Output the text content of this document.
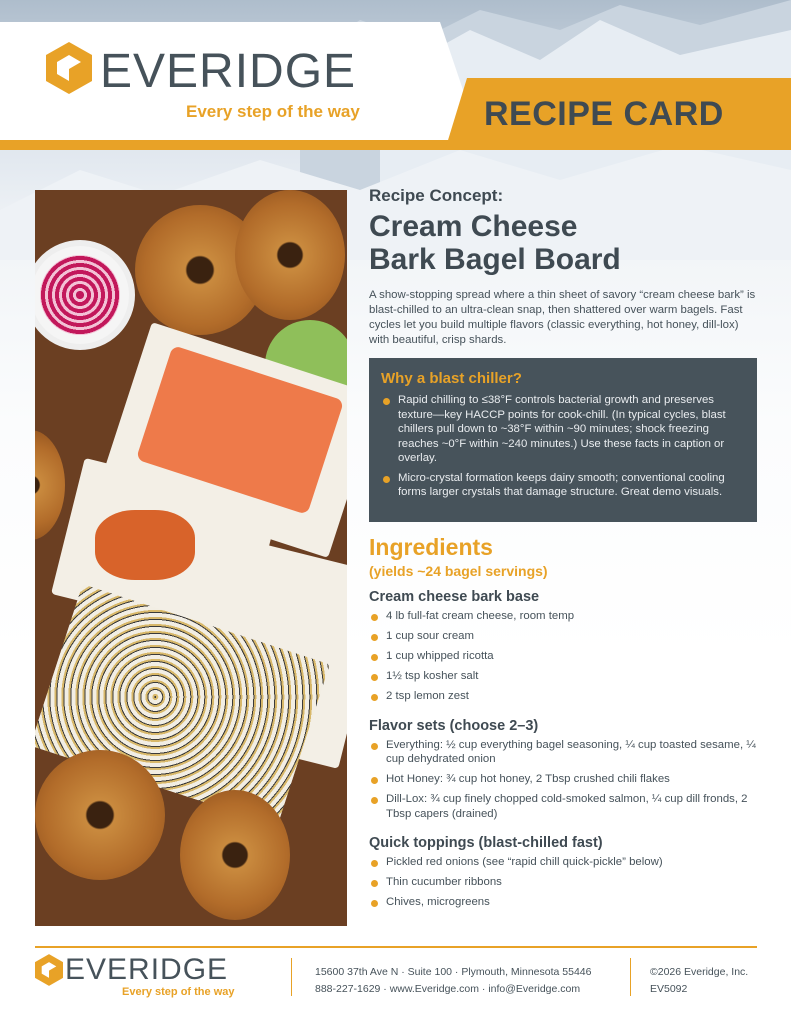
RECIPE CARD
EVERIDGE
Every step of the way
Recipe Concept:
Cream Cheese
Bark Bagel Board
A show-stopping spread where a thin sheet of savory “cream cheese bark” is blast-chilled to an ultra-clean snap, then shattered over warm bagels. Fast cycles let you build multiple flavors (classic everything, hot honey, dill-lox) with beautiful, crisp shards.
Why a blast chiller?
Rapid chilling to ≤38°F controls bacterial growth and preserves texture—key HACCP points for cook-chill. (In typical cycles, blast chillers pull down to ~38°F within ~90 minutes; shock freezing reaches ~0°F within ~240 minutes.) Use these facts in caption or overlay.
Micro-crystal formation keeps dairy smooth; conventional cooling forms larger crystals that damage structure. Great demo visuals.
Ingredients
(yields ~24 bagel servings)
Cream cheese bark base
4 lb full-fat cream cheese, room temp
1 cup sour cream
1 cup whipped ricotta
1½ tsp kosher salt
2 tsp lemon zest
Flavor sets (choose 2–3)
Everything: ½ cup everything bagel seasoning, ¼ cup toasted sesame, ¼ cup dehydrated onion
Hot Honey: ¾ cup hot honey, 2 Tbsp crushed chili flakes
Dill-Lox: ¾ cup finely chopped cold-smoked salmon, ¼ cup dill fronds, 2 Tbsp capers (drained)
Quick toppings (blast-chilled fast)
Pickled red onions (see “rapid chill quick-pickle” below)
Thin cucumber ribbons
Chives, microgreens
EVERIDGE
Every step of the way
15600 37th Ave N · Suite 100 · Plymouth, Minnesota 55446
888-227-1629 · www.Everidge.com · info@Everidge.com
©2026 Everidge, Inc.
EV5092
